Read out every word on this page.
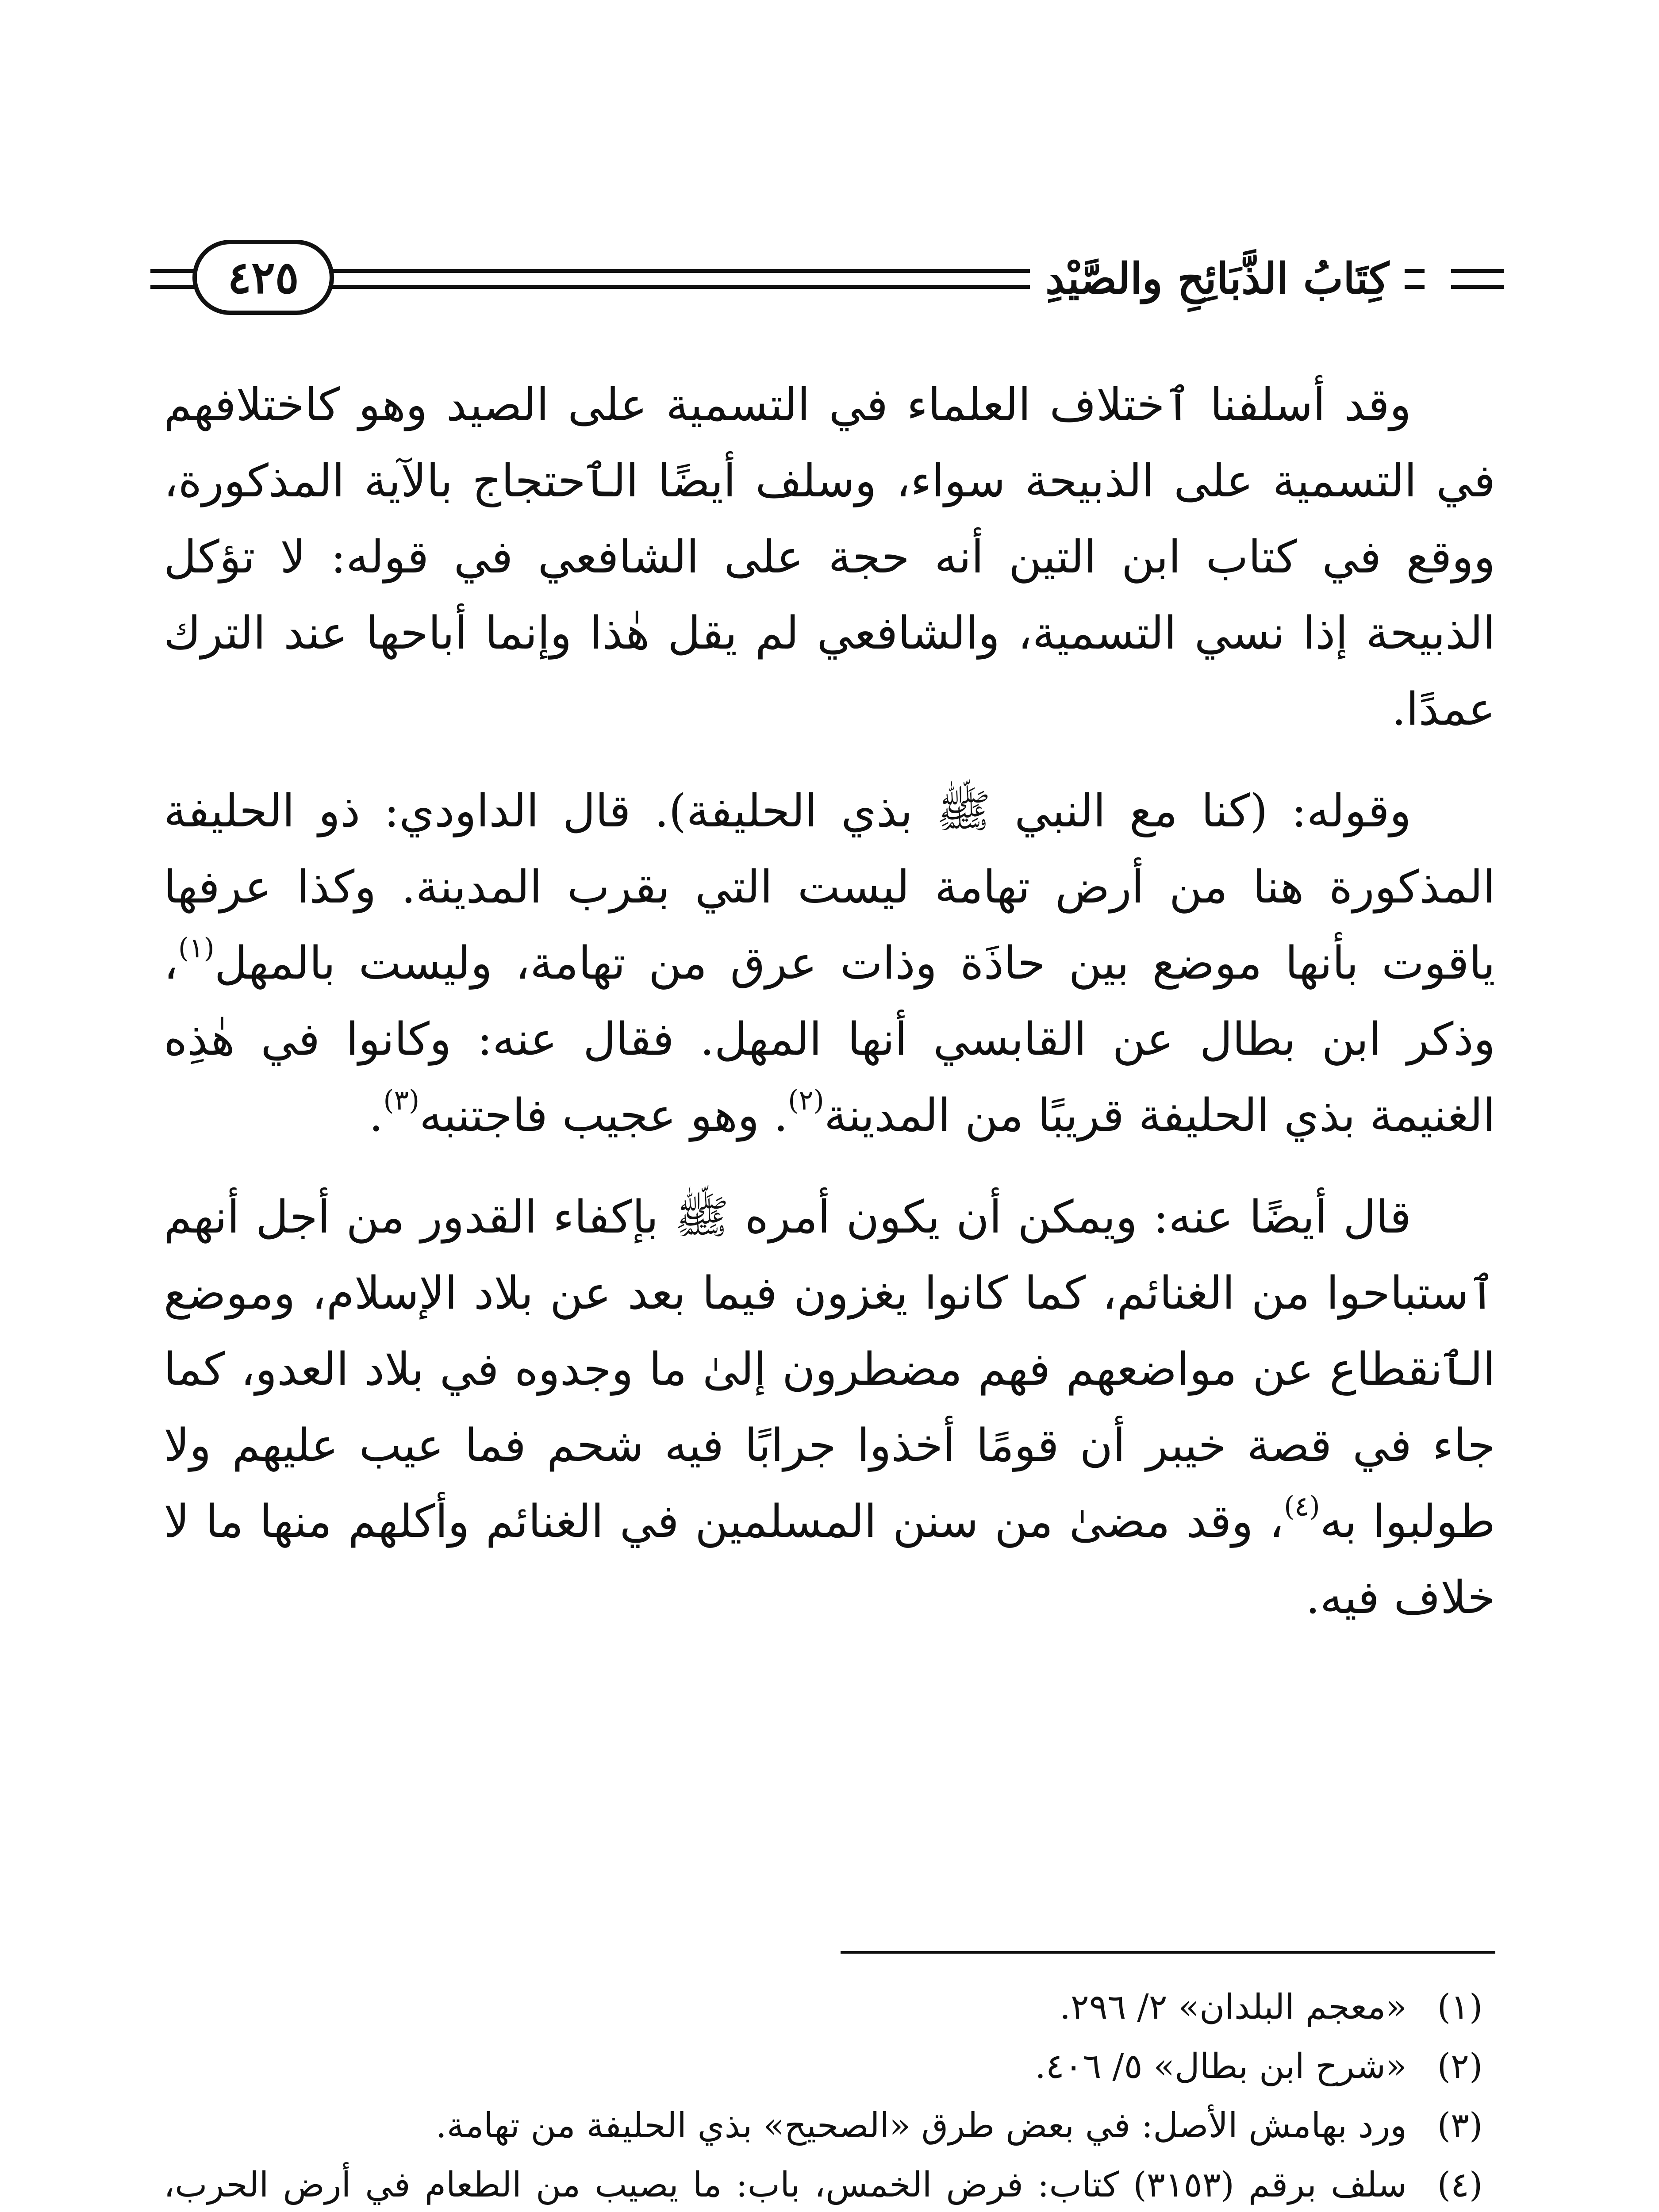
كِتَابُ الذَّبَائِحِ والصَّيْدِ
٤٢٥

وقد أسلفنا ٱختلاف العلماء في التسمية على الصيد وهو كاختلافهم في التسمية على الذبيحة سواء، وسلف أيضًا الٱحتجاج بالآية المذكورة، ووقع في كتاب ابن التين أنه حجة على الشافعي في قوله: لا تؤكل الذبيحة إذا نسي التسمية، والشافعي لم يقل هٰذا وإنما أباحها عند الترك عمدًا.

وقوله: (كنا مع النبي ﷺ بذي الحليفة). قال الداودي: ذو الحليفة المذكورة هنا من أرض تهامة ليست التي بقرب المدينة. وكذا عرفها ياقوت بأنها موضع بين حاذَة وذات عرق من تهامة، وليست بالمهل$^{(١)}$، وذكر ابن بطال عن القابسي أنها المهل. فقال عنه: وكانوا في هٰذِه الغنيمة بذي الحليفة قريبًا من المدينة$^{(٢)}$. وهو عجيب فاجتنبه$^{(٣)}$.

قال أيضًا عنه: ويمكن أن يكون أمره ﷺ بإكفاء القدور من أجل أنهم ٱستباحوا من الغنائم، كما كانوا يغزون فيما بعد عن بلاد الإسلام، وموضع الٱنقطاع عن مواضعهم فهم مضطرون إلىٰ ما وجدوه في بلاد العدو، كما جاء في قصة خيبر أن قومًا أخذوا جرابًا فيه شحم فما عيب عليهم ولا طولبوا به$^{(٤)}$، وقد مضىٰ من سنن المسلمين في الغنائم وأكلهم منها ما لا خلاف فيه.

(١)
«معجم البلدان» ٢/ ٢٩٦.
(٢)
«شرح ابن بطال» ٥/ ٤٠٦.
(٣)
ورد بهامش الأصل: في بعض طرق «الصحيح» بذي الحليفة من تهامة.
(٤)
سلف برقم (٣١٥٣) كتاب: فرض الخمس، باب: ما يصيب من الطعام في أرض الحرب،
